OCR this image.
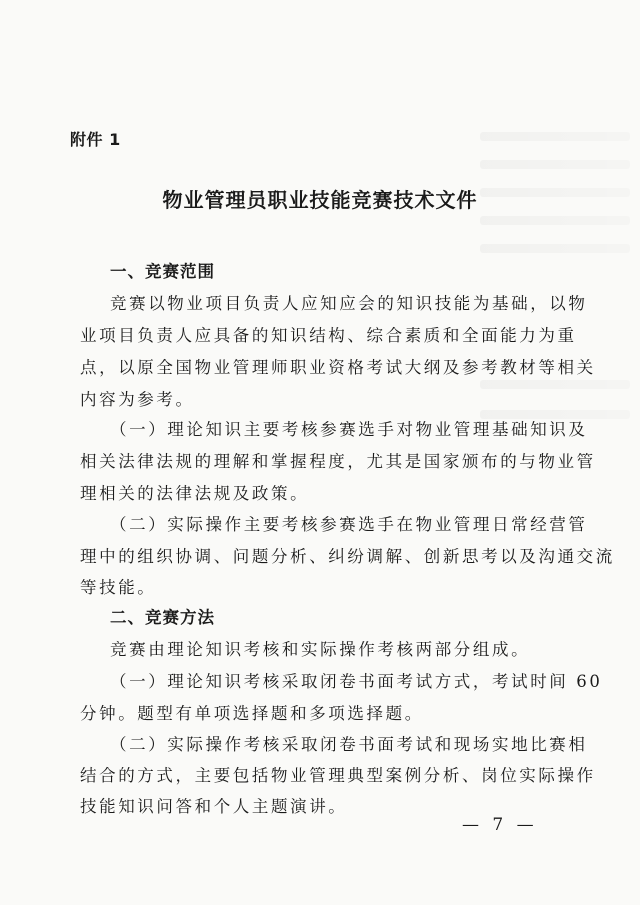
附件 1
物业管理员职业技能竞赛技术文件
一、竞赛范围
竞赛以物业项目负责人应知应会的知识技能为基础，以物
业项目负责人应具备的知识结构、综合素质和全面能力为重
点，以原全国物业管理师职业资格考试大纲及参考教材等相关
内容为参考。
（一）理论知识主要考核参赛选手对物业管理基础知识及
相关法律法规的理解和掌握程度，尤其是国家颁布的与物业管
理相关的法律法规及政策。
（二）实际操作主要考核参赛选手在物业管理日常经营管
理中的组织协调、问题分析、纠纷调解、创新思考以及沟通交流
等技能。
二、竞赛方法
竞赛由理论知识考核和实际操作考核两部分组成。
（一）理论知识考核采取闭卷书面考试方式，考试时间 60
分钟。题型有单项选择题和多项选择题。
（二）实际操作考核采取闭卷书面考试和现场实地比赛相
结合的方式，主要包括物业管理典型案例分析、岗位实际操作
技能知识问答和个人主题演讲。
— 7 —
